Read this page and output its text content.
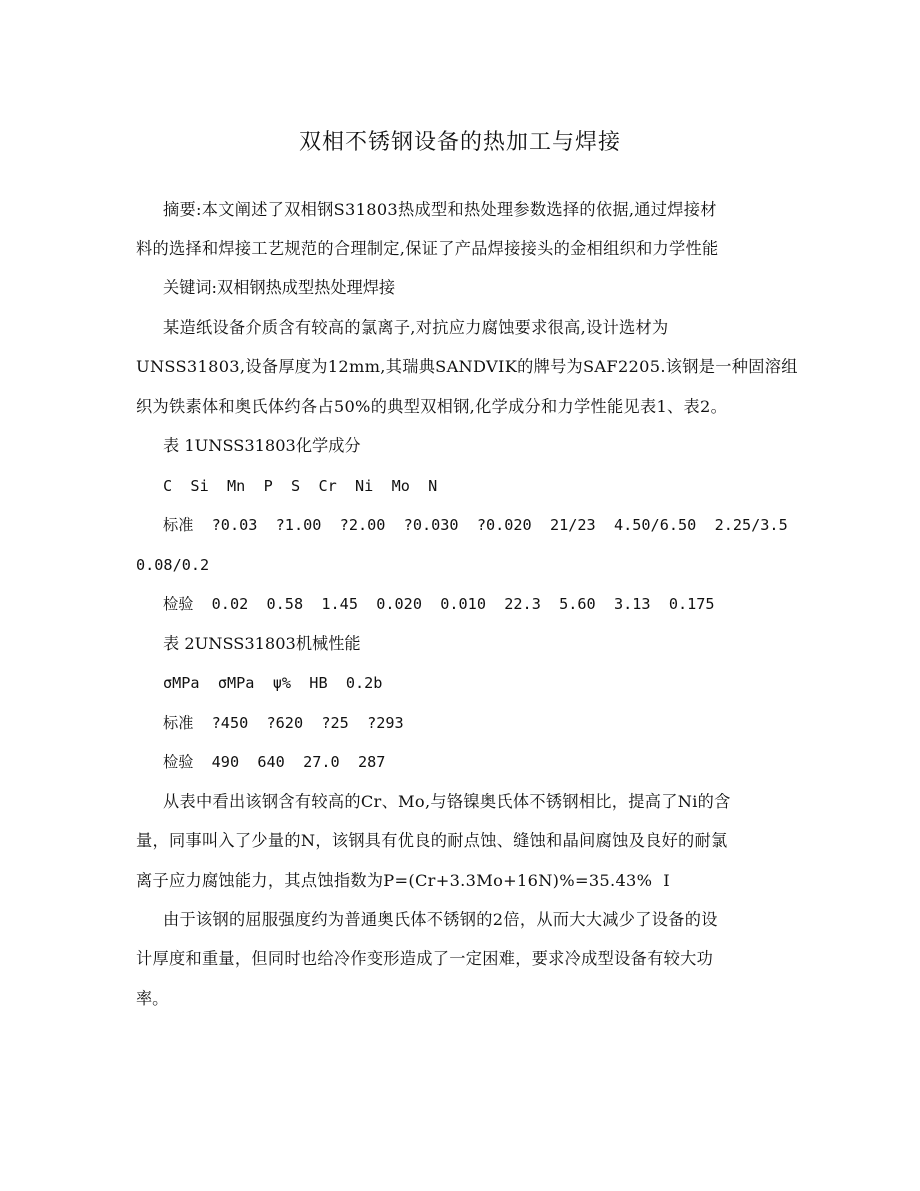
双相不锈钢设备的热加工与焊接
摘要:本文阐述了双相钢S31803热成型和热处理参数选择的依据,通过焊接材
料的选择和焊接工艺规范的合理制定,保证了产品焊接接头的金相组织和力学性能
关键词:双相钢热成型热处理焊接
某造纸设备介质含有较高的氯离子,对抗应力腐蚀要求很高,设计选材为
UNSS31803,设备厚度为12mm,其瑞典SANDVIK的牌号为SAF2205.该钢是一种固溶组
织为铁素体和奥氏体约各占50%的典型双相钢,化学成分和力学性能见表1、表2。
表 1UNSS31803化学成分
C  Si  Mn  P  S  Cr  Ni  Mo  N
标准  ?0.03  ?1.00  ?2.00  ?0.030  ?0.020  21/23  4.50/6.50  2.25/3.5
0.08/0.2
检验  0.02  0.58  1.45  0.020  0.010  22.3  5.60  3.13  0.175
表 2UNSS31803机械性能
σMPa  σMPa  ψ%  HB  0.2b
标准  ?450  ?620  ?25  ?293
检验  490  640  27.0  287
从表中看出该钢含有较高的Cr、Mo,与铬镍奥氏体不锈钢相比，提高了Ni的含
量，同事叫入了少量的N，该钢具有优良的耐点蚀、缝蚀和晶间腐蚀及良好的耐氯
离子应力腐蚀能力，其点蚀指数为P=(Cr+3.3Mo+16N)%=35.43%  I
由于该钢的屈服强度约为普通奥氏体不锈钢的2倍，从而大大减少了设备的设
计厚度和重量，但同时也给冷作变形造成了一定困难，要求冷成型设备有较大功
率。
